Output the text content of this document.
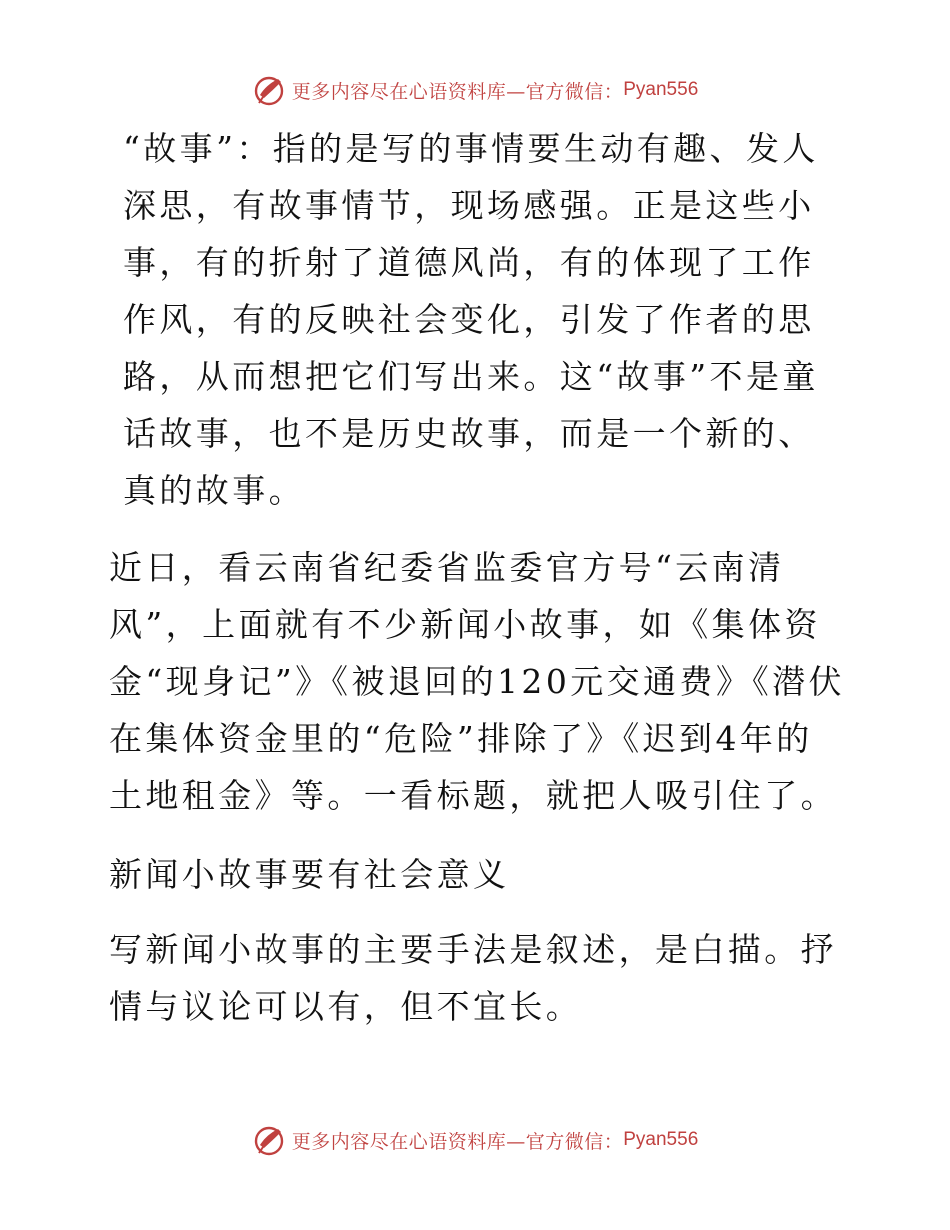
更多内容尽在心语资料库—官方微信： Pyan556

“故事”：指的是写的事情要生动有趣、发人深思，有故事情节，现场感强。正是这些小事，有的折射了道德风尚，有的体现了工作作风，有的反映社会变化，引发了作者的思路，从而想把它们写出来。这“故事”不是童话故事，也不是历史故事，而是一个新的、真的故事。

近日，看云南省纪委省监委官方号“云南清风”，上面就有不少新闻小故事，如《集体资金“现身记”》《被退回的120元交通费》《潜伏在集体资金里的“危险”排除了》《迟到4年的土地租金》等。一看标题，就把人吸引住了。

新闻小故事要有社会意义

写新闻小故事的主要手法是叙述，是白描。抒情与议论可以有，但不宜长。

更多内容尽在心语资料库—官方微信： Pyan556
